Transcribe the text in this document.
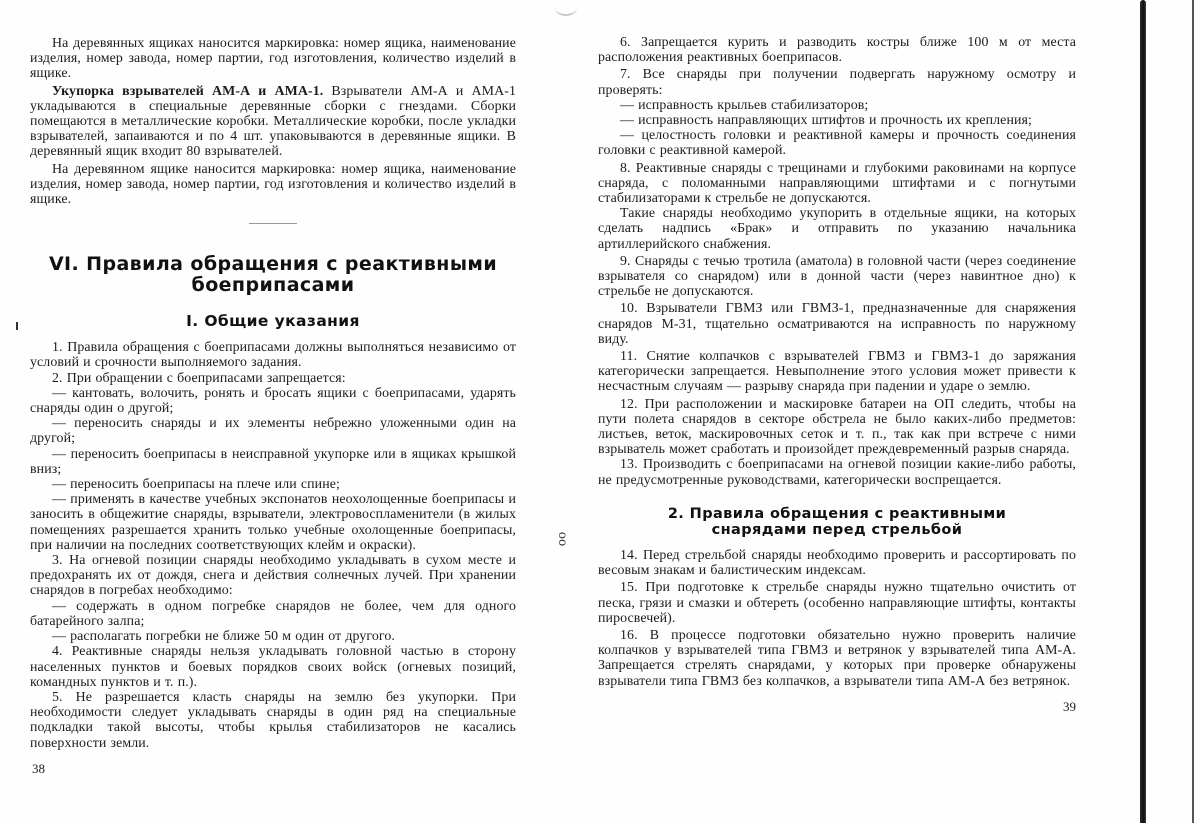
оо

На деревянных ящиках наносится маркировка: номер ящика, наименование изделия, номер завода, номер партии, год изготовления, количество изделий в ящике.

Укупорка взрывателей АМ-А и АМА-1. Взрыватели АМ-А и АМА-1 укладываются в специальные деревянные сборки с гнездами. Сборки помещаются в металлические коробки. Металлические коробки, после укладки взрывателей, запаиваются и по 4 шт. упаковываются в деревянные ящики. В деревянный ящик входит 80 взрывателей.

На деревянном ящике наносится маркировка: номер ящика, наименование изделия, номер завода, номер партии, год изготовления и количество изделий в ящике.

VI. Правила обращения с реактивными
боеприпасами
I. Общие указания

1. Правила обращения с боеприпасами должны выполняться независимо от условий и срочности выполняемого задания.

2. При обращении с боеприпасами запрещается:

— кантовать, волочить, ронять и бросать ящики с боеприпасами, ударять снаряды один о другой;

— переносить снаряды и их элементы небрежно уложенными один на другой;

— переносить боеприпасы в неисправной укупорке или в ящиках крышкой вниз;

— переносить боеприпасы на плече или спине;

— применять в качестве учебных экспонатов неохолощенные боеприпасы и заносить в общежитие снаряды, взрыватели, электровоспламенители (в жилых помещениях разрешается хранить только учебные охолощенные боеприпасы, при наличии на последних соответствующих клейм и окраски).

3. На огневой позиции снаряды необходимо укладывать в сухом месте и предохранять их от дождя, снега и действия солнечных лучей. При хранении снарядов в погребах необходимо:

— содержать в одном погребке снарядов не более, чем для одного батарейного залпа;

— располагать погребки не ближе 50 м один от другого.

4. Реактивные снаряды нельзя укладывать головной частью в сторону населенных пунктов и боевых порядков своих войск (огневых позиций, командных пунктов и т. п.).

5. Не разрешается класть снаряды на землю без укупорки. При необходимости следует укладывать снаряды в один ряд на специальные подкладки такой высоты, чтобы крылья стабилизаторов не касались поверхности земли.

38

6. Запрещается курить и разводить костры ближе 100 м от места расположения реактивных боеприпасов.

7. Все снаряды при получении подвергать наружному осмотру и проверять:

— исправность крыльев стабилизаторов;

— исправность направляющих штифтов и прочность их крепления;

— целостность головки и реактивной камеры и прочность соединения головки с реактивной камерой.

8. Реактивные снаряды с трещинами и глубокими раковинами на корпусе снаряда, с поломанными направляющими штифтами и с погнутыми стабилизаторами к стрельбе не допускаются.

Такие снаряды необходимо укупорить в отдельные ящики, на которых сделать надпись «Брак» и отправить по указанию начальника артиллерийского снабжения.

9. Снаряды с течью тротила (аматола) в головной части (через соединение взрывателя со снарядом) или в донной части (через навинтное дно) к стрельбе не допускаются.

10. Взрыватели ГВМЗ или ГВМЗ-1, предназначенные для снаряжения снарядов М-31, тщательно осматриваются на исправность по наружному виду.

11. Снятие колпачков с взрывателей ГВМЗ и ГВМЗ-1 до заряжания категорически запрещается. Невыполнение этого условия может привести к несчастным случаям — разрыву снаряда при падении и ударе о землю.

12. При расположении и маскировке батареи на ОП следить, чтобы на пути полета снарядов в секторе обстрела не было каких-либо предметов: листьев, веток, маскировочных сеток и т. п., так как при встрече с ними взрыватель может сработать и произойдет преждевременный разрыв снаряда.

13. Производить с боеприпасами на огневой позиции какие-либо работы, не предусмотренные руководствами, категорически воспрещается.

2. Правила обращения с реактивными
снарядами перед стрельбой

14. Перед стрельбой снаряды необходимо проверить и рассортировать по весовым знакам и балистическим индексам.

15. При подготовке к стрельбе снаряды нужно тщательно очистить от песка, грязи и смазки и обтереть (особенно направляющие штифты, контакты пиросвечей).

16. В процессе подготовки обязательно нужно проверить наличие колпачков у взрывателей типа ГВМЗ и ветрянок у взрывателей типа АМ-А. Запрещается стрелять снарядами, у которых при проверке обнаружены взрыватели типа ГВМЗ без колпачков, а взрыватели типа АМ-А без ветрянок.

39
